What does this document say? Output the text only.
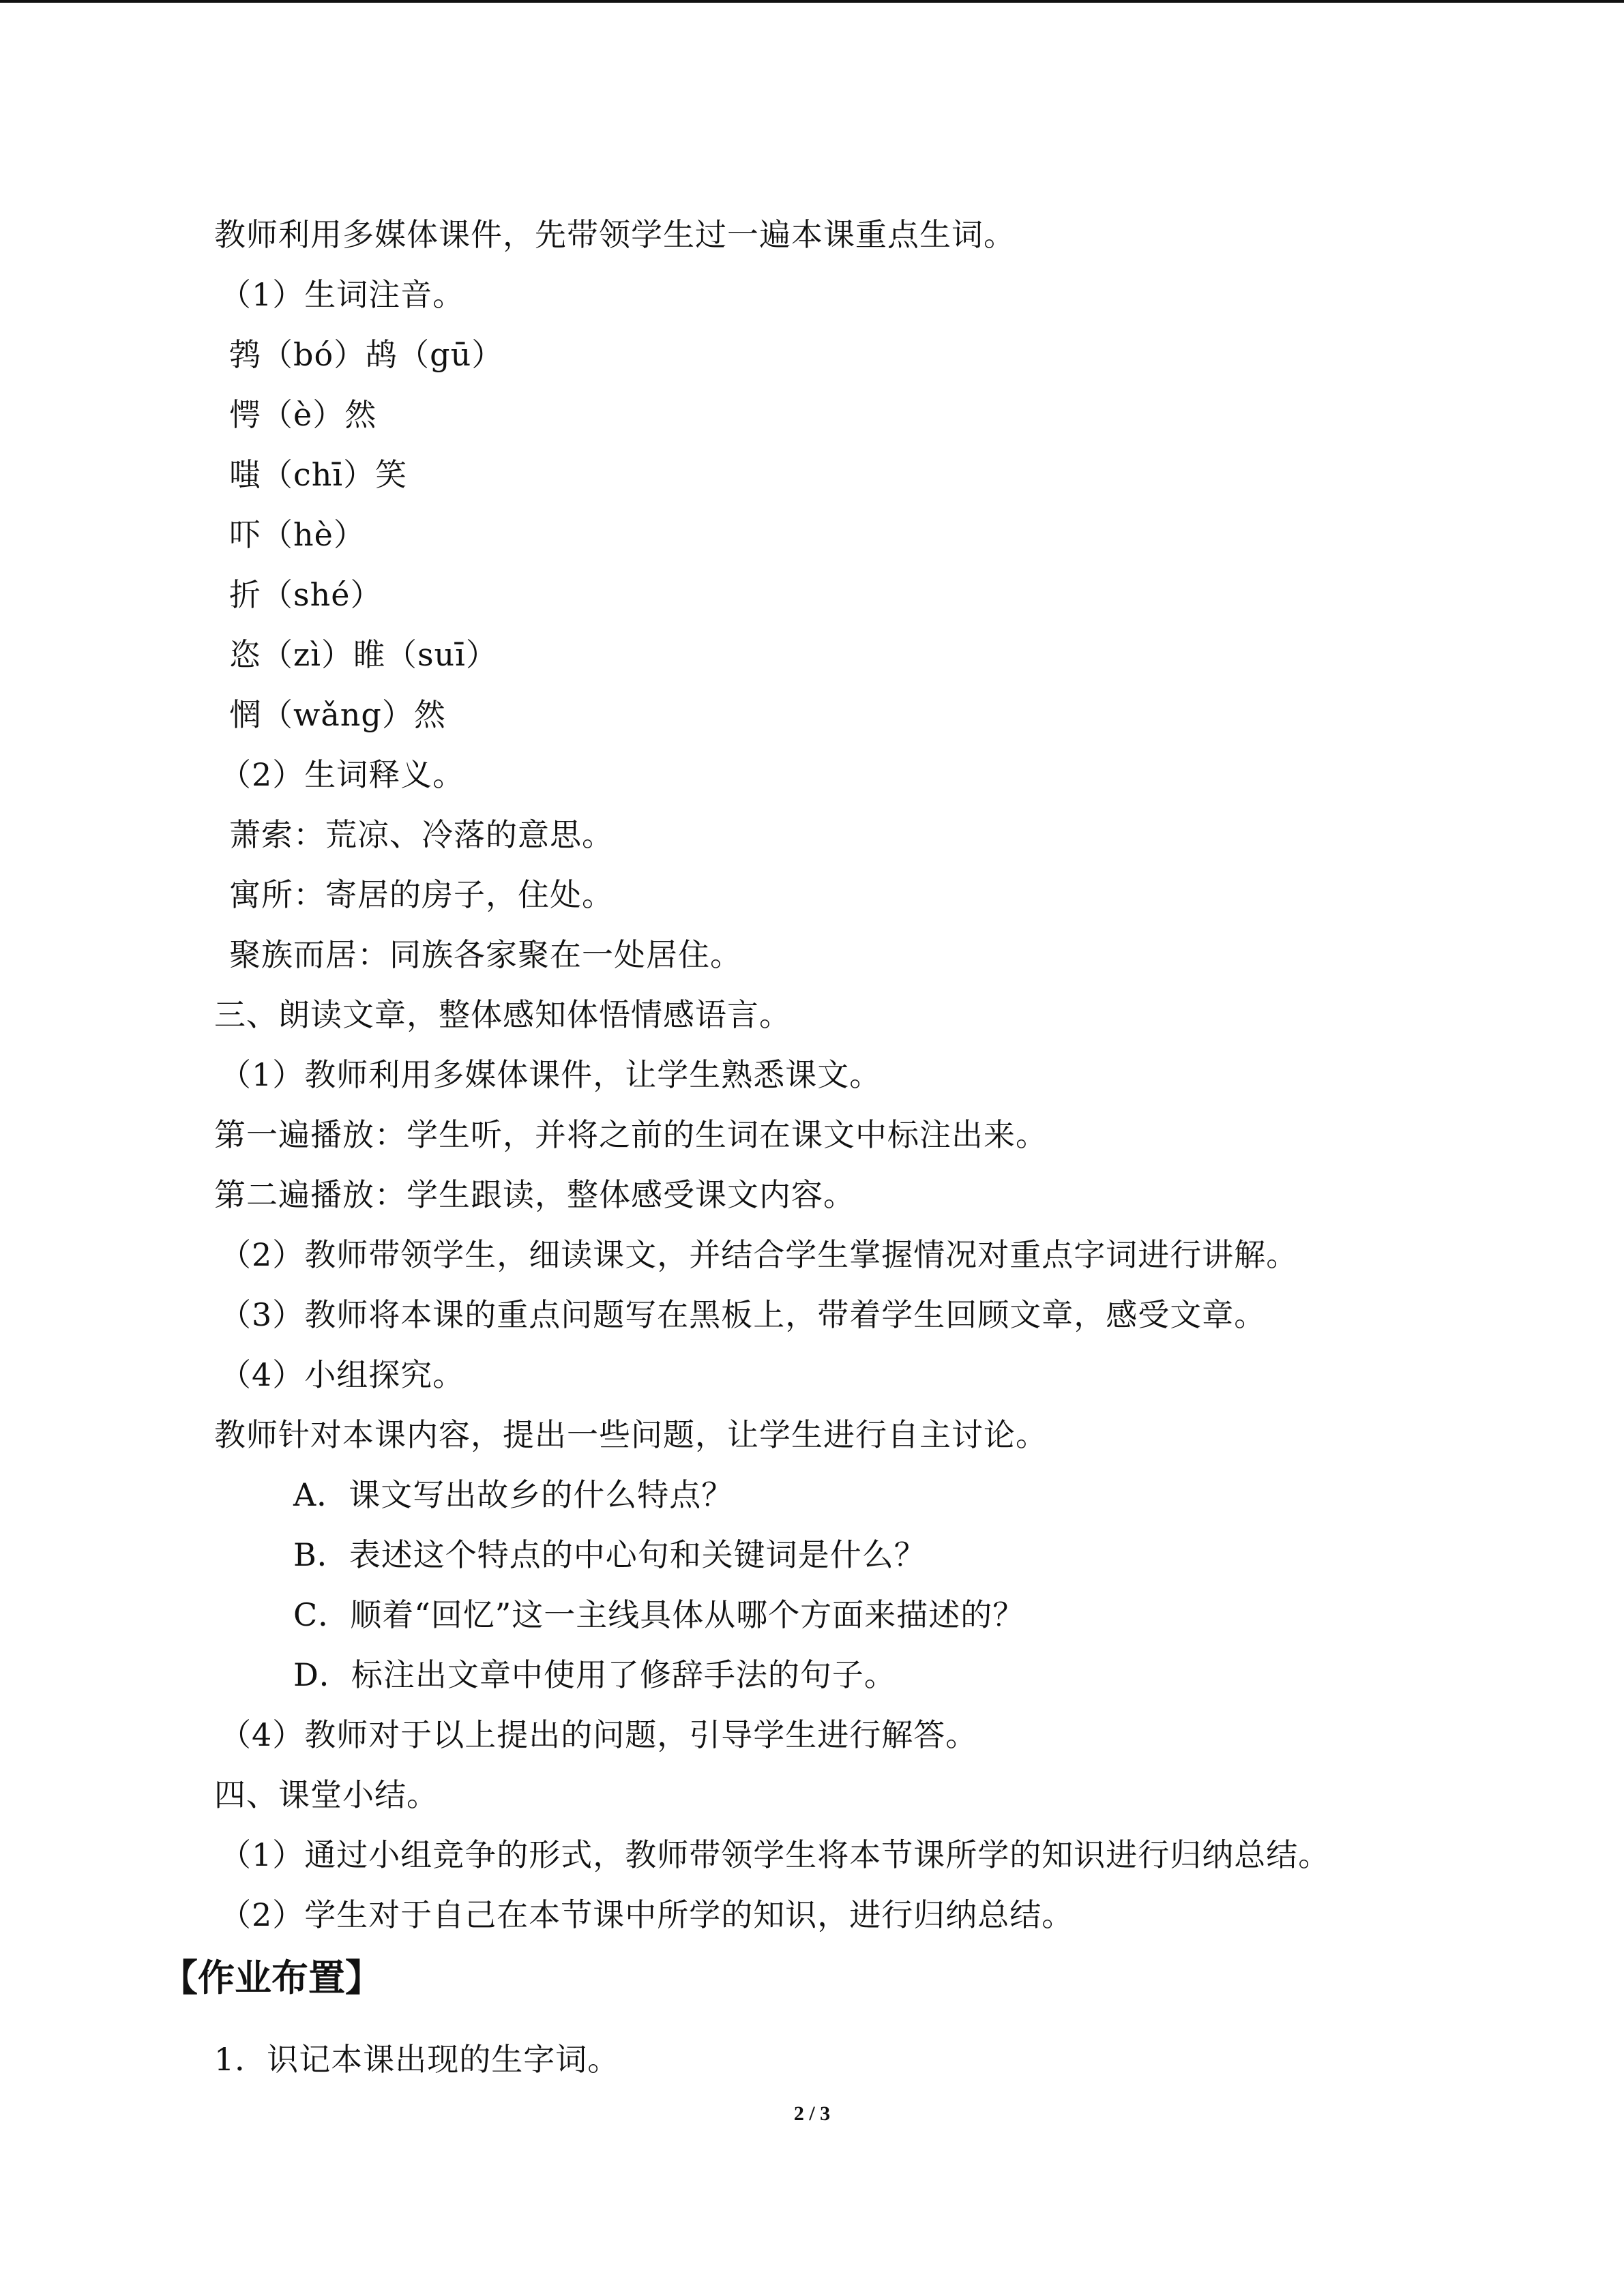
教师利用多媒体课件，先带领学生过一遍本课重点生词。
（1）生词注音。
鹁（bó）鸪（gū）
愕（è）然
嗤（chī）笑
吓（hè）
折（shé）
恣（zì）睢（suī）
惘（wǎng）然
（2）生词释义。
萧索：荒凉、冷落的意思。
寓所：寄居的房子，住处。
聚族而居：同族各家聚在一处居住。
三、朗读文章，整体感知体悟情感语言。
（1）教师利用多媒体课件，让学生熟悉课文。
第一遍播放：学生听，并将之前的生词在课文中标注出来。
第二遍播放：学生跟读，整体感受课文内容。
（2）教师带领学生，细读课文，并结合学生掌握情况对重点字词进行讲解。
（3）教师将本课的重点问题写在黑板上，带着学生回顾文章，感受文章。
（4）小组探究。
教师针对本课内容，提出一些问题，让学生进行自主讨论。
A．课文写出故乡的什么特点？
B．表述这个特点的中心句和关键词是什么？
C．顺着“回忆”这一主线具体从哪个方面来描述的？
D．标注出文章中使用了修辞手法的句子。
（4）教师对于以上提出的问题，引导学生进行解答。
四、课堂小结。
（1）通过小组竞争的形式，教师带领学生将本节课所学的知识进行归纳总结。
（2）学生对于自己在本节课中所学的知识，进行归纳总结。
【作业布置】
1．识记本课出现的生字词。
2 / 3
